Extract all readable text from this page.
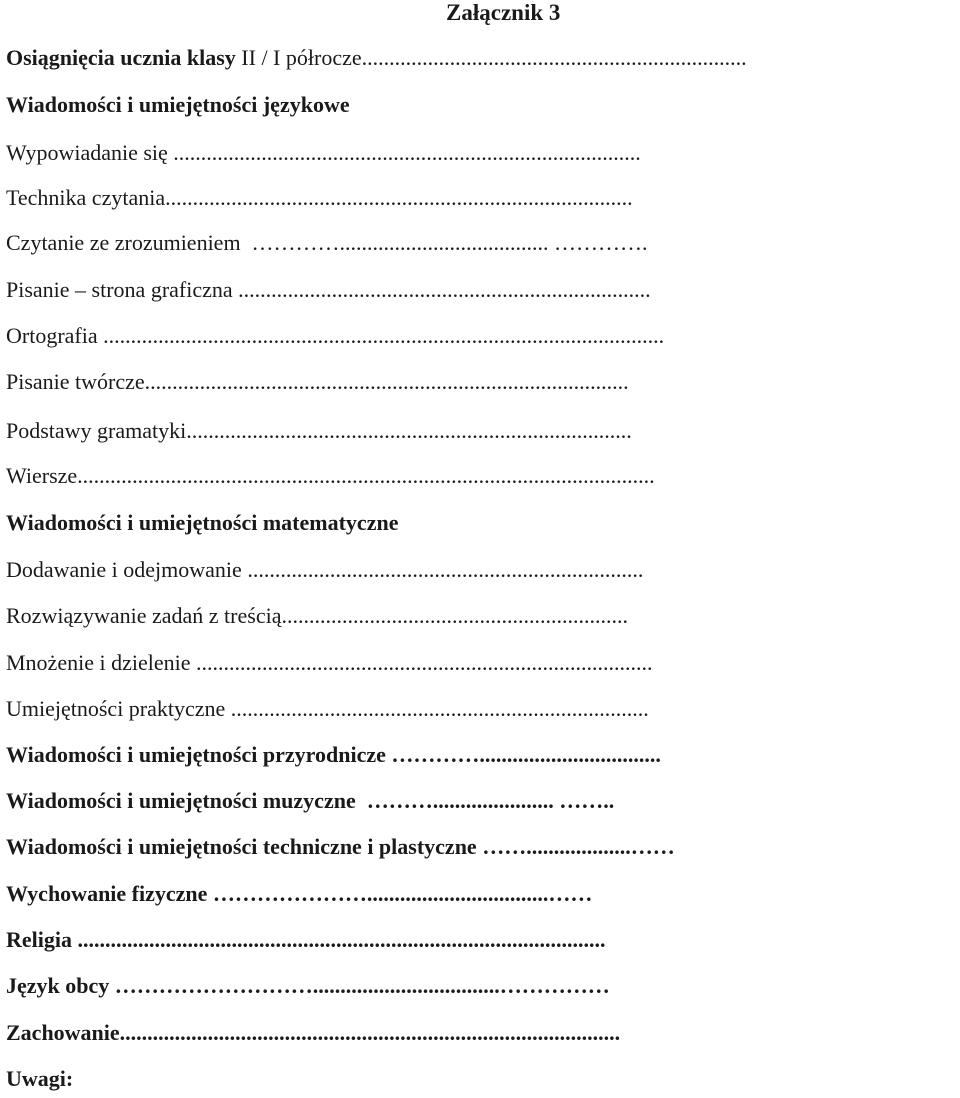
Załącznik 3
Osiągnięcia ucznia klasy II / I półrocze......................................................................
Wiadomości i umiejętności językowe
Wypowiadanie się .....................................................................................
Technika czytania.....................................................................................
Czytanie ze zrozumieniem  …………...................................... ………….
Pisanie – strona graficzna ...........................................................................
Ortografia ......................................................................................................
Pisanie twórcze........................................................................................
Podstawy gramatyki.................................................................................
Wiersze.........................................................................................................
Wiadomości i umiejętności matematyczne
Dodawanie i odejmowanie ........................................................................
Rozwiązywanie zadań z treścią...............................................................
Mnożenie i dzielenie ...................................................................................
Umiejętności praktyczne ............................................................................
Wiadomości i umiejętności przyrodnicze ………….................................
Wiadomości i umiejętności muzyczne  ………...................... ……..
Wiadomości i umiejętności techniczne i plastyczne ……...................……
Wychowanie fizyczne ………………….................................……
Religia ................................................................................................
Język obcy ………………………..................................……………
Zachowanie...........................................................................................
Uwagi:
